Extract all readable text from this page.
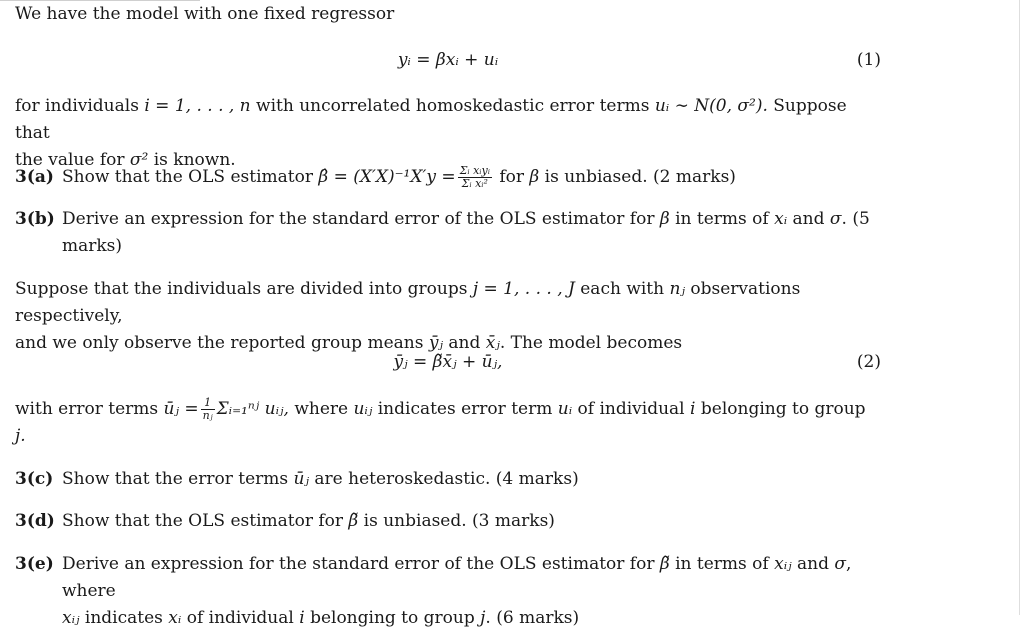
We have the model with one fixed regressor
yᵢ = βxᵢ + uᵢ	(1)
for individuals i = 1, . . . , n with uncorrelated homoskedastic error terms uᵢ ∼ N(0, σ²). Suppose that
the value for σ² is known.
3(a) Show that the OLS estimator β̂ = $(X'X)^{-1}X'y = \frac{\text{Σᵢ xᵢyᵢ}}{\text{Σᵢ xᵢ²}}$ for β is unbiased. (2 marks)
3(b) Derive an expression for the standard error of the OLS estimator for β in terms of xᵢ and σ. (5
marks)
Suppose that the individuals are divided into groups j = 1, . . . , J each with nⱼ observations respectively,
and we only observe the reported group means ȳⱼ and x̄ⱼ. The model becomes
ȳⱼ = β̃x̄ⱼ + ūⱼ,	(2)
with error terms ūⱼ = $\frac{1}{\text{nⱼ}}$ Σᵢ₌₁ⁿʲ uᵢⱼ, where uᵢⱼ indicates error term uᵢ of individual i belonging to group
j.
3(c) Show that the error terms ūⱼ are heteroskedastic. (4 marks)
3(d) Show that the OLS estimator for β̃ is unbiased. (3 marks)
3(e) Derive an expression for the standard error of the OLS estimator for β̃ in terms of xᵢⱼ and σ, where
xᵢⱼ indicates xᵢ of individual i belonging to group j. (6 marks)
